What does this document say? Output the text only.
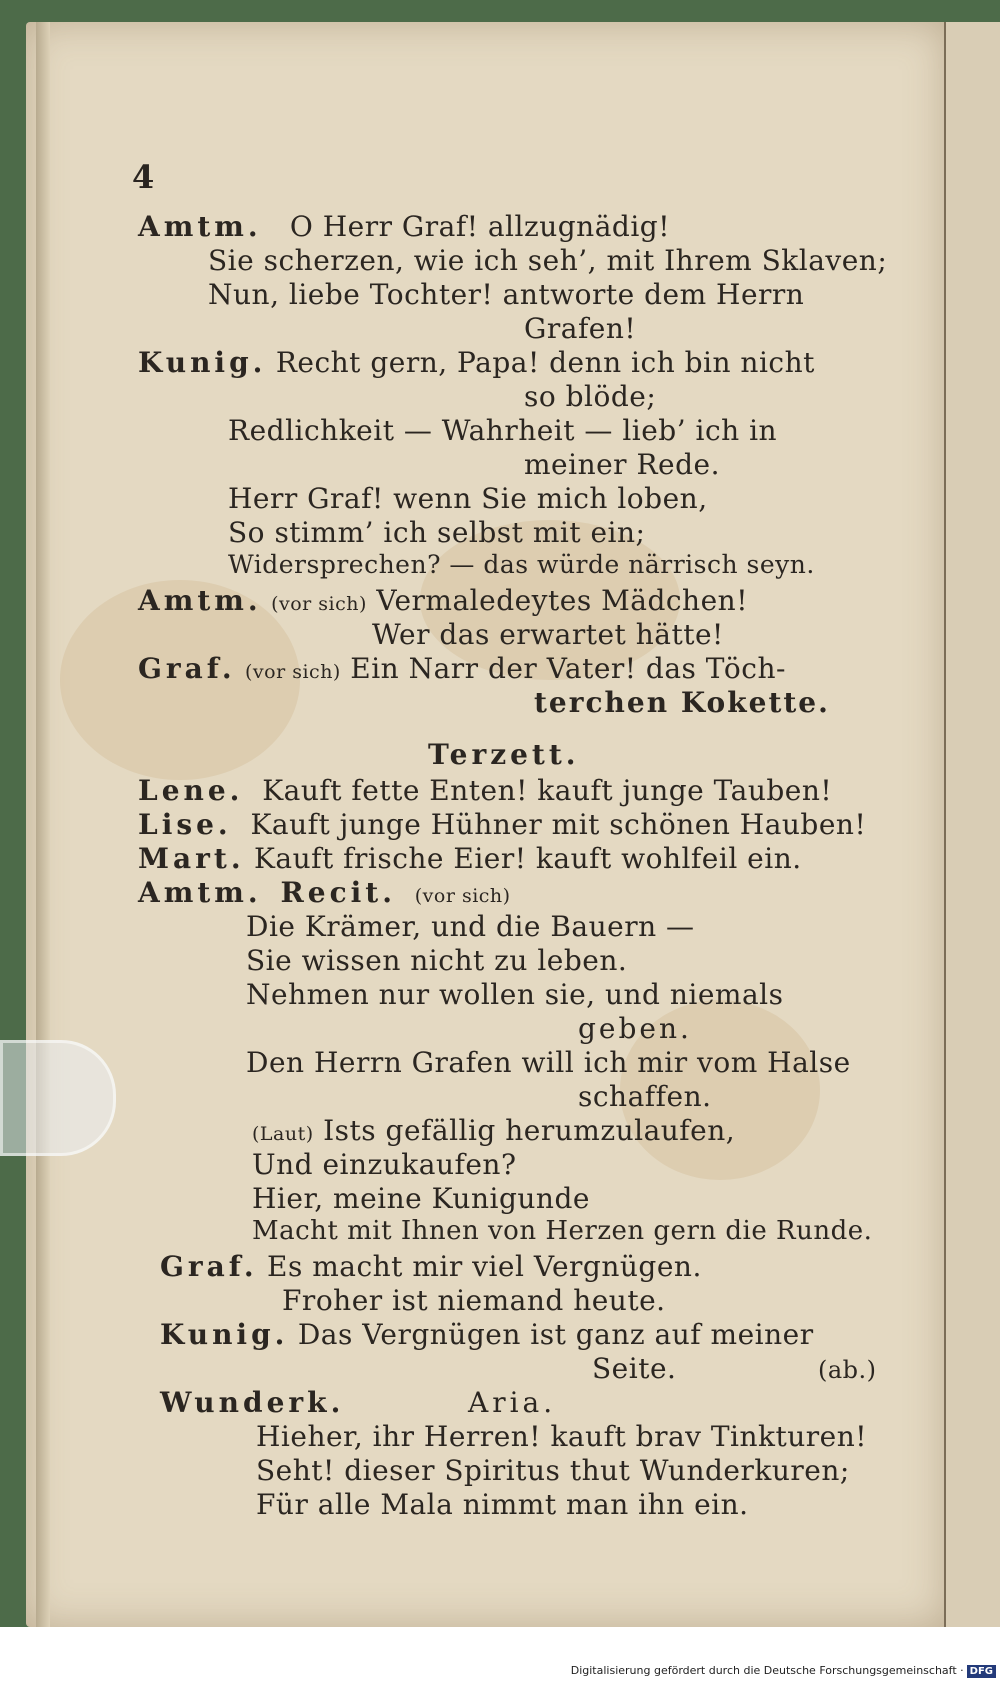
4
Amtm. O Herr Graf! allzugnädig!
Sie scherzen, wie ich seh’, mit Ihrem Sklaven;
Nun, liebe Tochter! antworte dem Herrn
Grafen!
Kunig. Recht gern, Papa! denn ich bin nicht
so blöde;
Redlichkeit — Wahrheit — lieb’ ich in
meiner Rede.
Herr Graf! wenn Sie mich loben,
So stimm’ ich selbst mit ein;
Widersprechen? — das würde närrisch seyn.
Amtm. (vor sich) Vermaledeytes Mädchen!
Wer das erwartet hätte!
Graf. (vor sich) Ein Narr der Vater! das Töch-
terchen Kokette.
Terzett.
Lene. Kauft fette Enten! kauft junge Tauben!
Lise. Kauft junge Hühner mit schönen Hauben!
Mart. Kauft frische Eier! kauft wohlfeil ein.
Amtm. Recit. (vor sich)
Die Krämer, und die Bauern —
Sie wissen nicht zu leben.
Nehmen nur wollen sie, und niemals
geben.
Den Herrn Grafen will ich mir vom Halse
schaffen.
(Laut) Ists gefällig herumzulaufen,
Und einzukaufen?
Hier, meine Kunigunde
Macht mit Ihnen von Herzen gern die Runde.
Graf. Es macht mir viel Vergnügen.
Froher ist niemand heute.
Kunig. Das Vergnügen ist ganz auf meiner
Seite.	(ab.)
Wunderk.	Aria.
Hieher, ihr Herren! kauft brav Tinkturen!
Seht! dieser Spiritus thut Wunderkuren;
Für alle Mala nimmt man ihn ein.
Digitalisierung gefördert durch die Deutsche Forschungsgemeinschaft · DFG
